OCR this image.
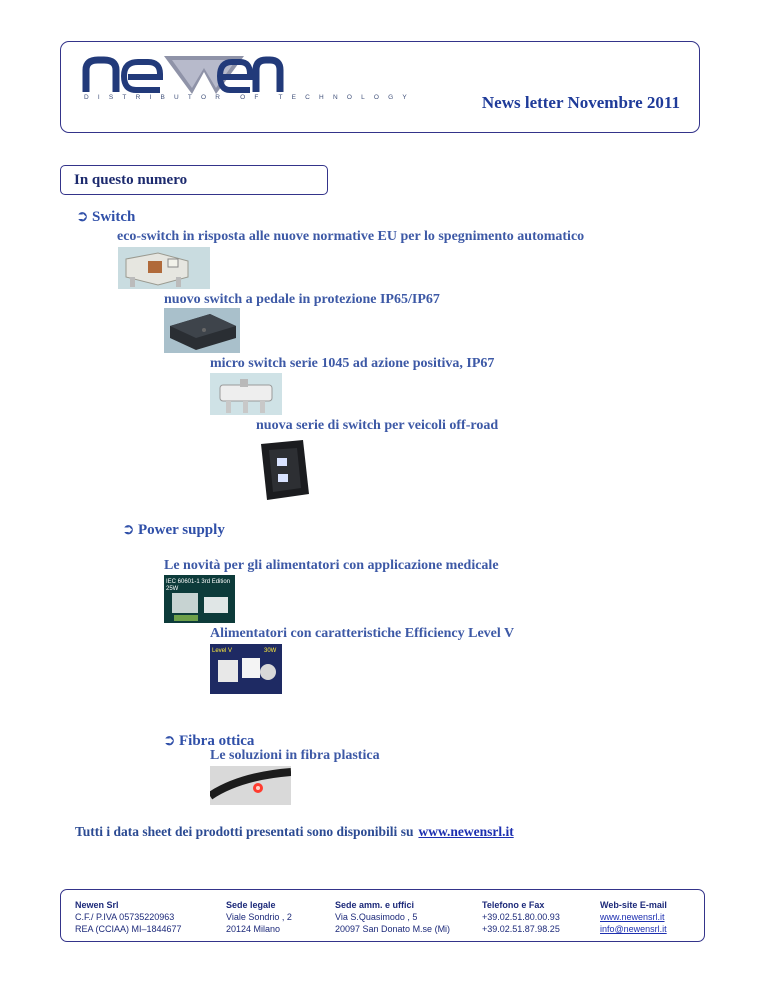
DISTRIBUTOR OF TECHNOLOGY	News letter Novembre 2011
In questo numero
➲ Switch
eco-switch in risposta alle nuove normative EU per lo spegnimento automatico
nuovo switch a pedale in protezione IP65/IP67
micro switch serie 1045 ad azione positiva, IP67
nuova serie di switch per veicoli off-road
➲ Power supply
Le novità per gli alimentatori con applicazione medicale
IEC 60601-1 3rd Edition
25W
Alimentatori con caratteristiche Efficiency Level V
Level V	30W
➲ Fibra ottica
Le soluzioni in fibra plastica
Tutti i data sheet dei prodotti presentati sono disponibili su www.newensrl.it
Newen Srl
C.F./ P.IVA 05735220963
REA (CCIAA) MI–1844677
Sede legale
Viale Sondrio , 2
20124 Milano
Sede amm. e uffici
Via S.Quasimodo , 5
20097 San Donato M.se (Mi)
Telefono e Fax
+39.02.51.80.00.93
+39.02.51.87.98.25
Web-site E-mail
www.newensrl.it
info@newensrl.it
